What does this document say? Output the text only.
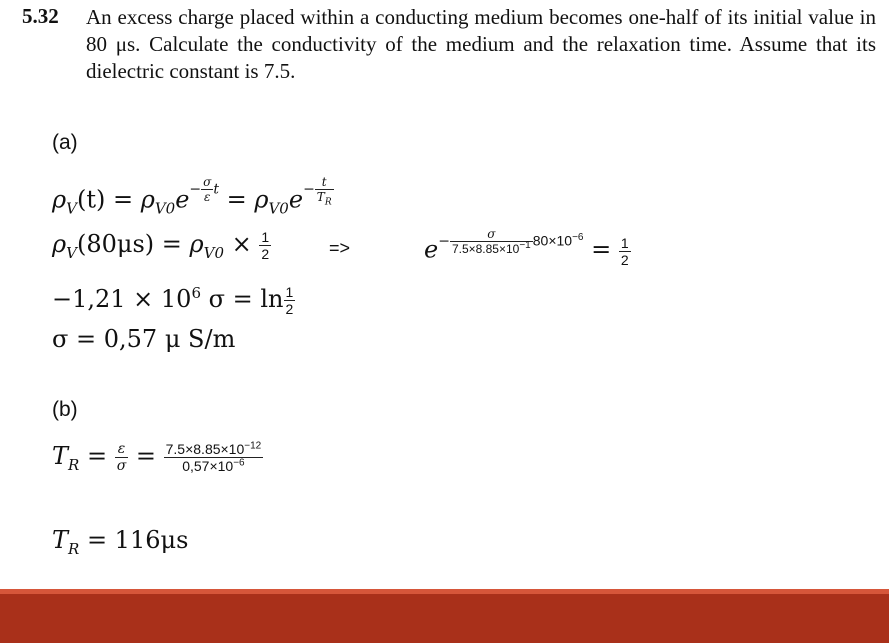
5.32 An excess charge placed within a conducting medium becomes one-half of its initial value in 80 μs. Calculate the conductivity of the medium and the relaxation time. Assume that its dielectric constant is 7.5.
(a)
$\rho_V(t) = \rho_{V0}e- \frac{\sigma}{\varepsilon}$ $t = \rho_{V0}e- \frac{t}{T_R}$
$\rho_V(80\mu s) = \rho_{V0} \times \frac{1}{2}$	=>	$e- \frac{\sigma}{7.5\times 8.85\times 10^{-1}} 80\times 10^{-6} = \frac{1}{2}$
$-1,21 \times 10^6$ $\sigma = \ln \frac{1}{2}$
σ = 0,57 μ S/m
(b)
$T_R = \frac{\varepsilon}{\sigma} = \frac{7.5\times 8.85\times 10^{-12}}{0,57\times 10^{-6}}$
$T_R = 116\mu s$
